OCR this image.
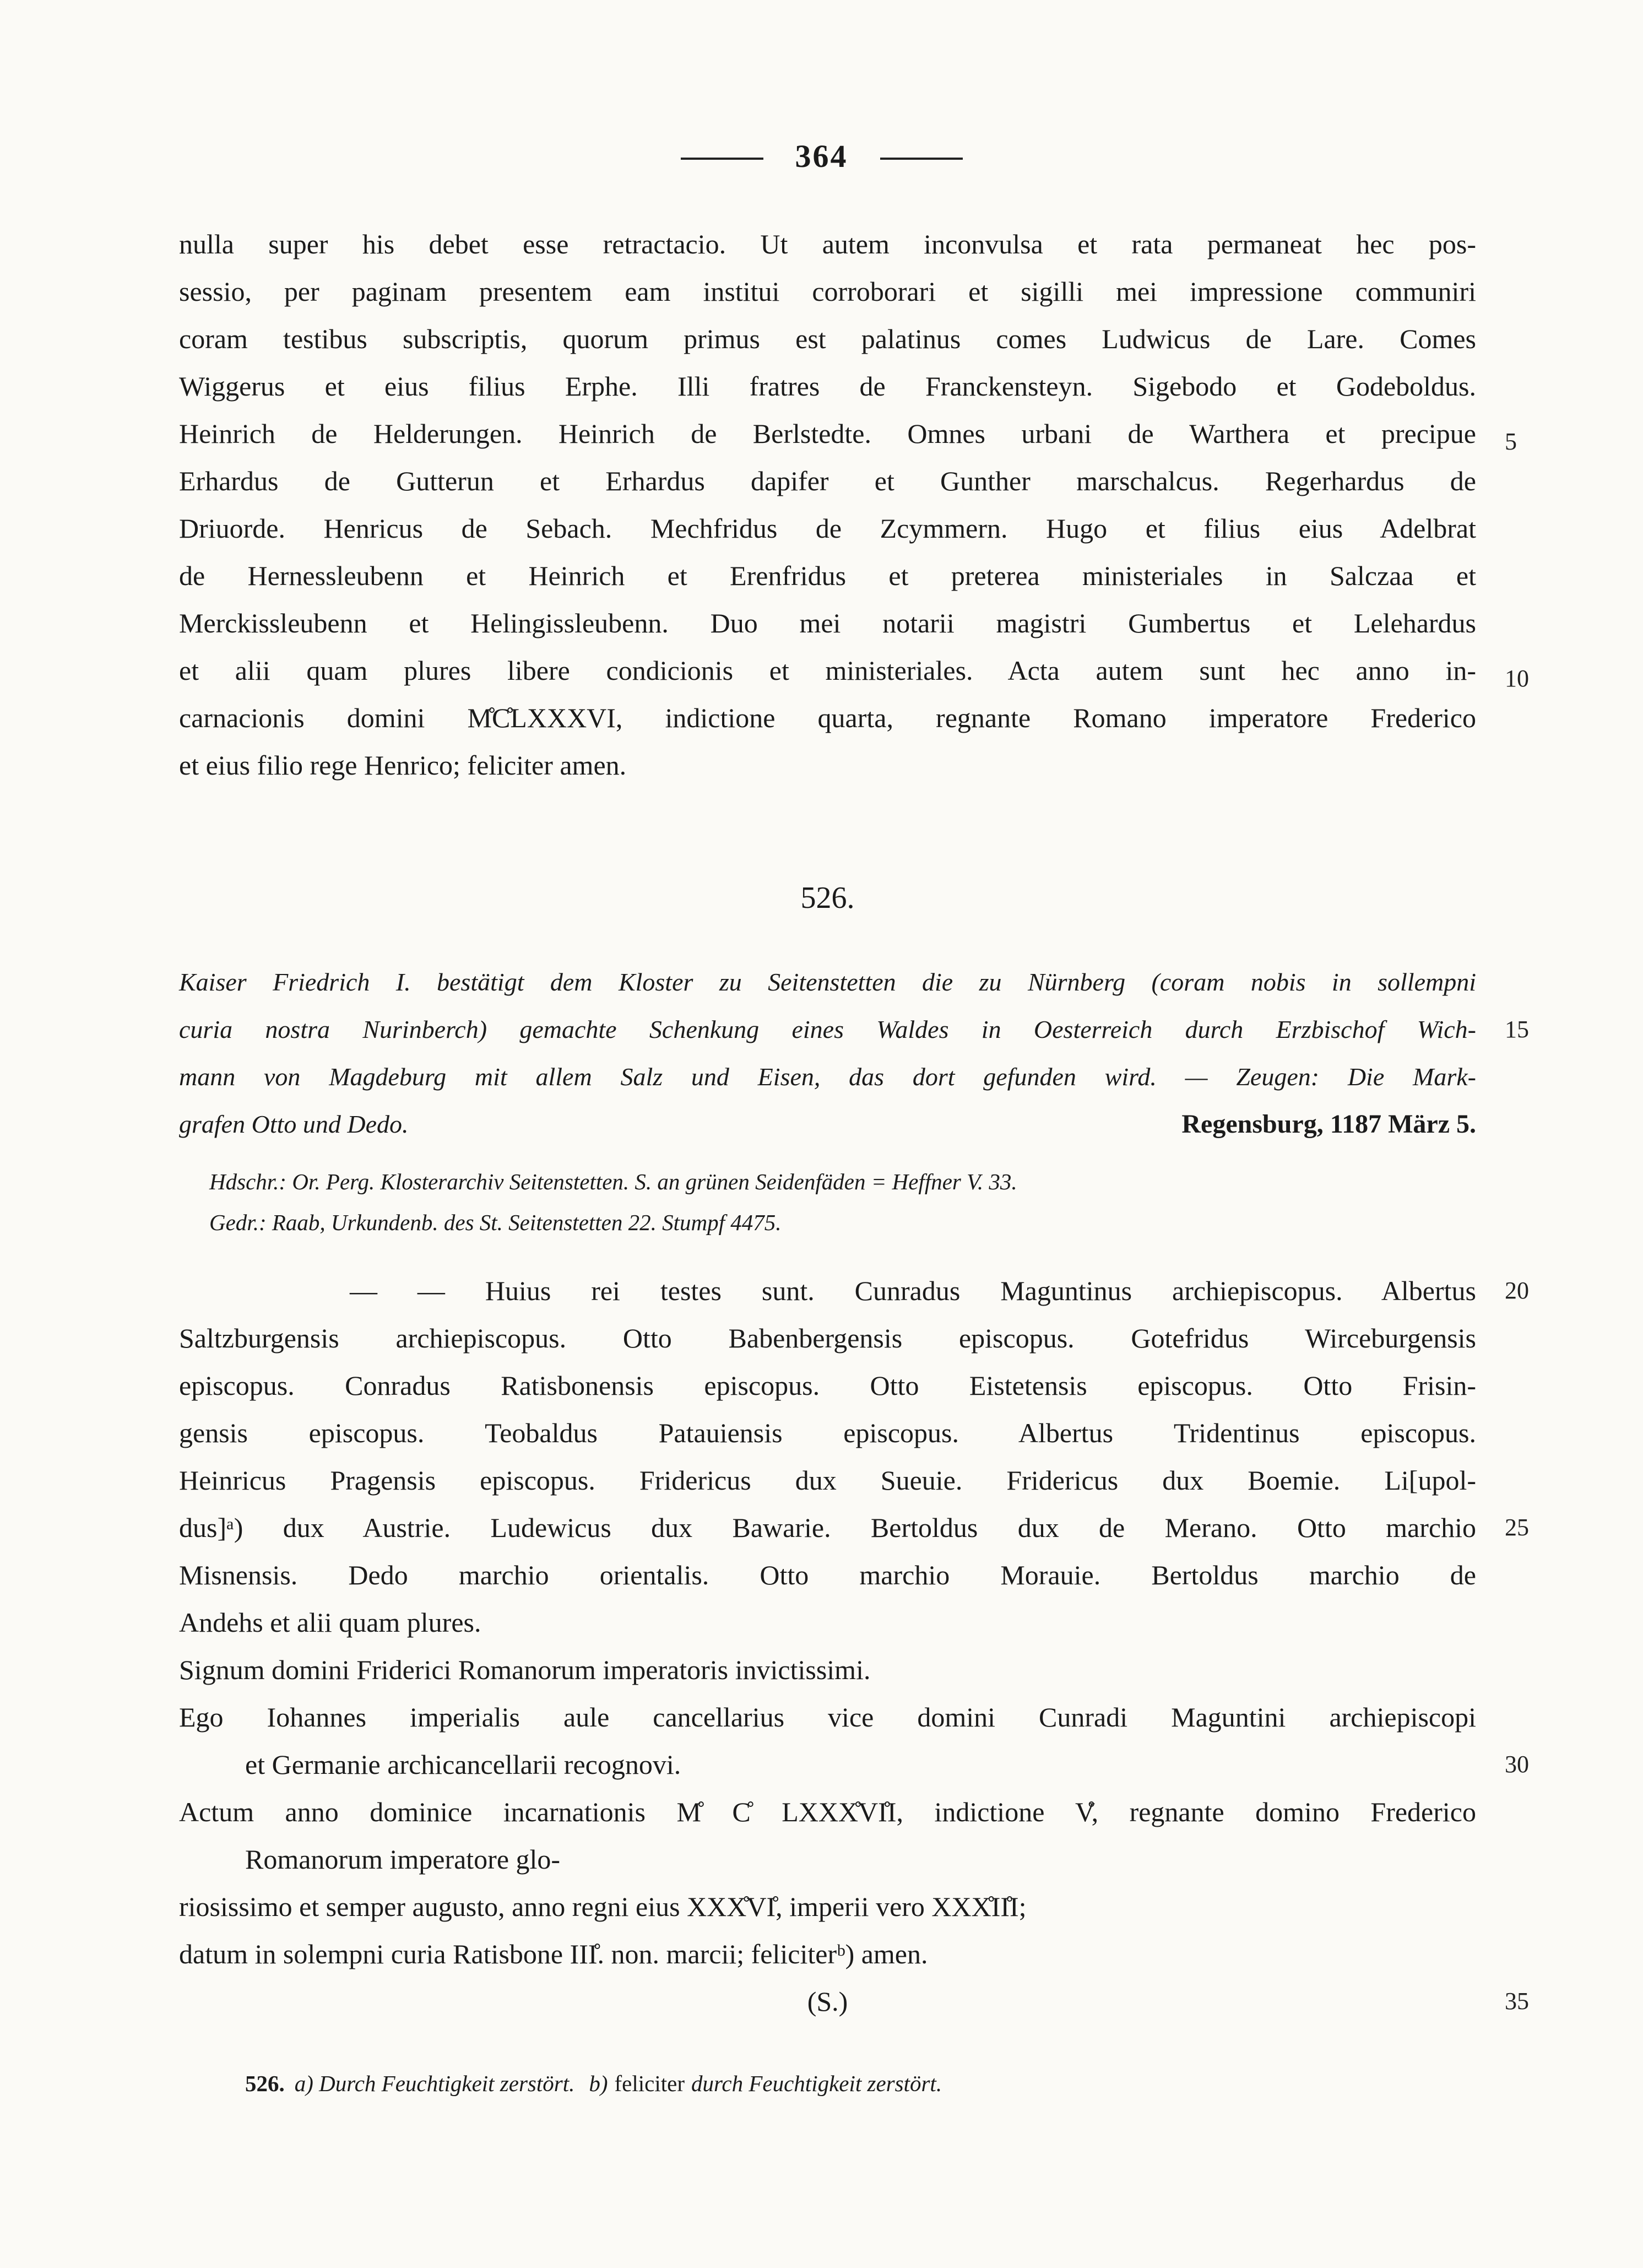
364
nulla super his debet esse retractacio. Ut autem inconvulsa et rata permaneat hec pos-
sessio, per paginam presentem eam institui corroborari et sigilli mei impressione communiri
coram testibus subscriptis, quorum primus est palatinus comes Ludwicus de Lare. Comes
Wiggerus et eius filius Erphe. Illi fratres de Franckensteyn. Sigebodo et Godeboldus.
Heinrich de Helderungen. Heinrich de Berlstedte. Omnes urbani de Warthera et precipue
Erhardus de Gutterun et Erhardus dapifer et Gunther marschalcus. Regerhardus de
Driuorde. Henricus de Sebach. Mechfridus de Zcymmern. Hugo et filius eius Adelbrat
de Hernessleubenn et Heinrich et Erenfridus et preterea ministeriales in Salczaa et
Merckissleubenn et Helingissleubenn. Duo mei notarii magistri Gumbertus et Lelehardus
et alii quam plures libere condicionis et ministeriales. Acta autem sunt hec anno in-
carnacionis domini M̊C̊LXXXVI, indictione quarta, regnante Romano imperatore Frederico
et eius filio rege Henrico; feliciter amen.
526.
Kaiser Friedrich I. bestätigt dem Kloster zu Seitenstetten die zu Nürnberg (coram nobis in sollempni
curia nostra Nurinberch) gemachte Schenkung eines Waldes in Oesterreich durch Erzbischof Wich-
mann von Magdeburg mit allem Salz und Eisen, das dort gefunden wird. — Zeugen: Die Mark-
grafen Otto und Dedo.	Regensburg, 1187 März 5.
Hdschr.: Or. Perg. Klosterarchiv Seitenstetten. S. an grünen Seidenfäden = Heffner V. 33.
Gedr.: Raab, Urkundenb. des St. Seitenstetten 22. Stumpf 4475.
— — Huius rei testes sunt. Cunradus Maguntinus archiepiscopus. Albertus
Saltzburgensis archiepiscopus. Otto Babenbergensis episcopus. Gotefridus Wirceburgensis
episcopus. Conradus Ratisbonensis episcopus. Otto Eistetensis episcopus. Otto Frisin-
gensis episcopus. Teobaldus Patauiensis episcopus. Albertus Tridentinus episcopus.
Heinricus Pragensis episcopus. Fridericus dux Sueuie. Fridericus dux Boemie. Li[upol-
dus]ᵃ) dux Austrie. Ludewicus dux Bawarie. Bertoldus dux de Merano. Otto marchio
Misnensis. Dedo marchio orientalis. Otto marchio Morauie. Bertoldus marchio de
Andehs et alii quam plures.
Signum domini Friderici Romanorum imperatoris invictissimi.
Ego Iohannes imperialis aule cancellarius vice domini Cunradi Maguntini archiepiscopi
et Germanie archicancellarii recognovi.
Actum anno dominice incarnationis M̊ C̊ LXXX̊VI̊I, indictione V̊, regnante domino Frederico
Romanorum imperatore glo-
riosissimo et semper augusto, anno regni eius XXX̊VI̊, imperii vero XXX̊II̊I;
datum in solempni curia Ratisbone III̊. non. marcii; feliciterᵇ) amen.
(S.)
526. a) Durch Feuchtigkeit zerstört. b) feliciter durch Feuchtigkeit zerstört.
5
10
15
20
25
30
35
